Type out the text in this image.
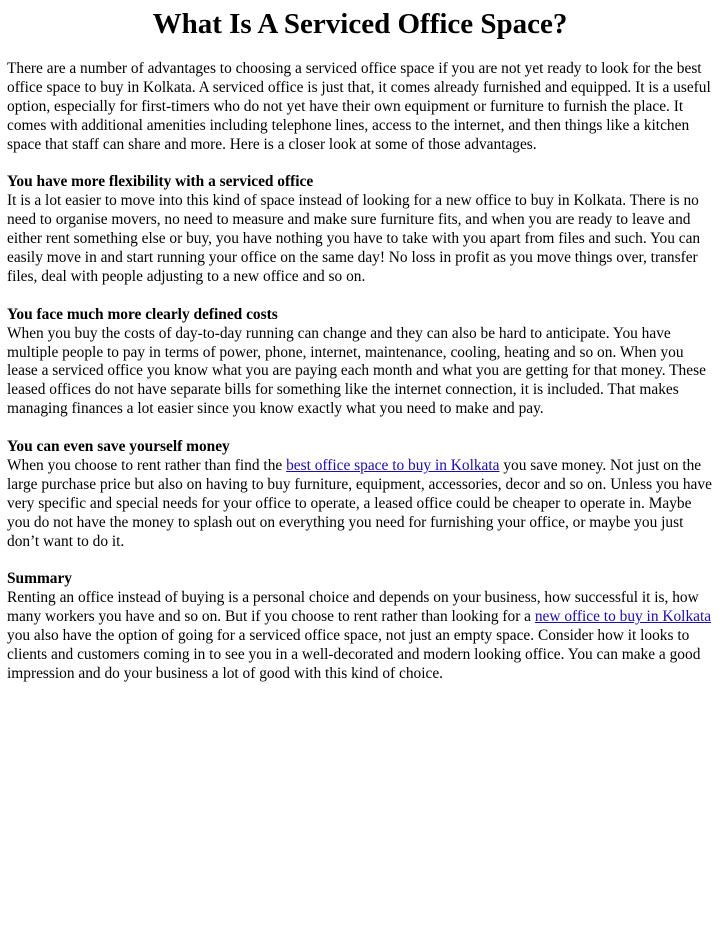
What Is A Serviced Office Space?

There are a number of advantages to choosing a serviced office space if you are not yet ready to look for the best office space to buy in Kolkata. A serviced office is just that, it comes already furnished and equipped. It is a useful option, especially for first-timers who do not yet have their own equipment or furniture to furnish the place. It comes with additional amenities including telephone lines, access to the internet, and then things like a kitchen space that staff can share and more. Here is a closer look at some of those advantages.

You have more flexibility with a serviced office
It is a lot easier to move into this kind of space instead of looking for a new office to buy in Kolkata. There is no need to organise movers, no need to measure and make sure furniture fits, and when you are ready to leave and either rent something else or buy, you have nothing you have to take with you apart from files and such. You can easily move in and start running your office on the same day! No loss in profit as you move things over, transfer files, deal with people adjusting to a new office and so on.

You face much more clearly defined costs
When you buy the costs of day-to-day running can change and they can also be hard to anticipate. You have multiple people to pay in terms of power, phone, internet, maintenance, cooling, heating and so on. When you lease a serviced office you know what you are paying each month and what you are getting for that money. These leased offices do not have separate bills for something like the internet connection, it is included. That makes managing finances a lot easier since you know exactly what you need to make and pay.

You can even save yourself money
When you choose to rent rather than find the best office space to buy in Kolkata you save money. Not just on the large purchase price but also on having to buy furniture, equipment, accessories, decor and so on. Unless you have very specific and special needs for your office to operate, a leased office could be cheaper to operate in. Maybe you do not have the money to splash out on everything you need for furnishing your office, or maybe you just don’t want to do it.

Summary
Renting an office instead of buying is a personal choice and depends on your business, how successful it is, how many workers you have and so on. But if you choose to rent rather than looking for a new office to buy in Kolkata you also have the option of going for a serviced office space, not just an empty space. Consider how it looks to clients and customers coming in to see you in a well-decorated and modern looking office. You can make a good impression and do your business a lot of good with this kind of choice.
